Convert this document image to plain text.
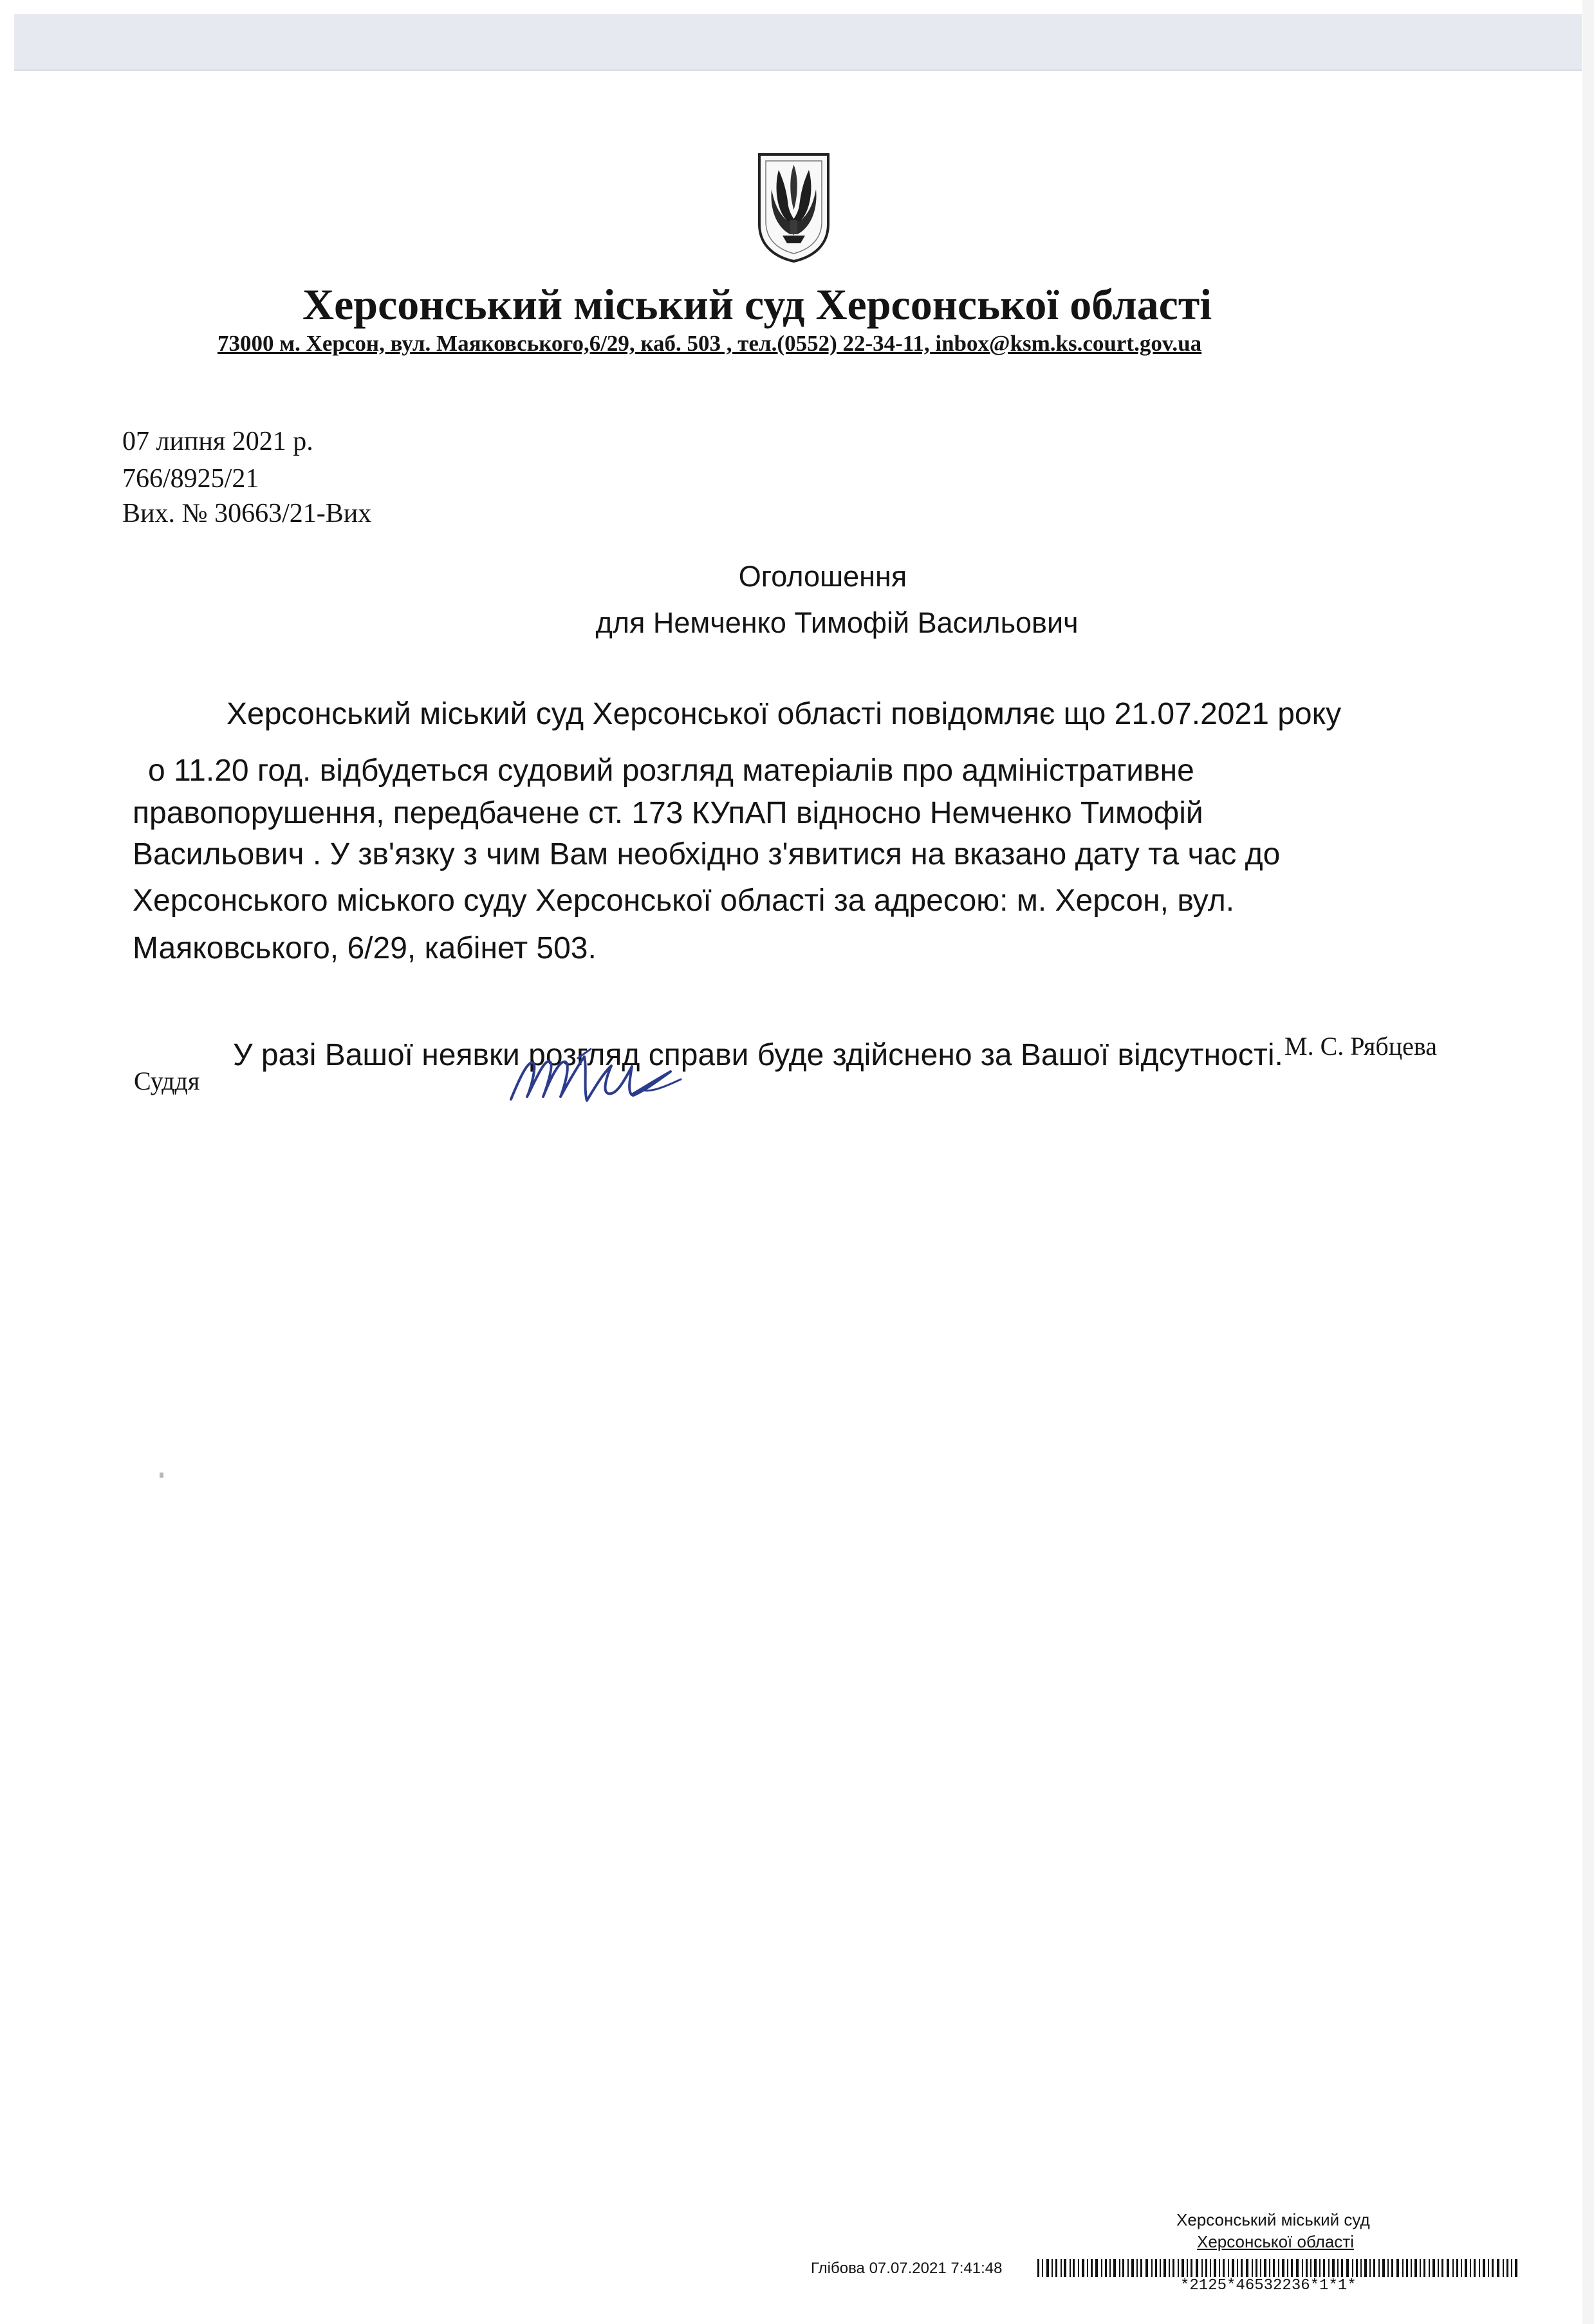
Херсонський міський суд Херсонської області
73000 м. Херсон, вул. Маяковського,6/29, каб. 503 , тел.(0552) 22-34-11, inbox@ksm.ks.court.gov.ua
07 липня 2021 р.
766/8925/21
Вих. № 30663/21-Вих
Оголошення
для Немченко Тимофій Васильович
Херсонський міський суд Херсонської області повідомляє що 21.07.2021 року
о 11.20 год. відбудеться судовий розгляд матеріалів про адміністративне
правопорушення, передбачене ст. 173 КУпАП відносно Немченко Тимофій
Васильович . У зв'язку з чим Вам необхідно з'явитися на вказано дату та час до
Херсонського міського суду Херсонської області за адресою: м. Херсон, вул.
Маяковського, 6/29, кабінет 503.
У разі Вашої неявки розгляд справи буде здійснено за Вашої відсутності.
Суддя
М. С. Рябцева
Херсонський міський суд
Херсонської області
Глібова 07.07.2021 7:41:48
*2125*46532236*1*1*
